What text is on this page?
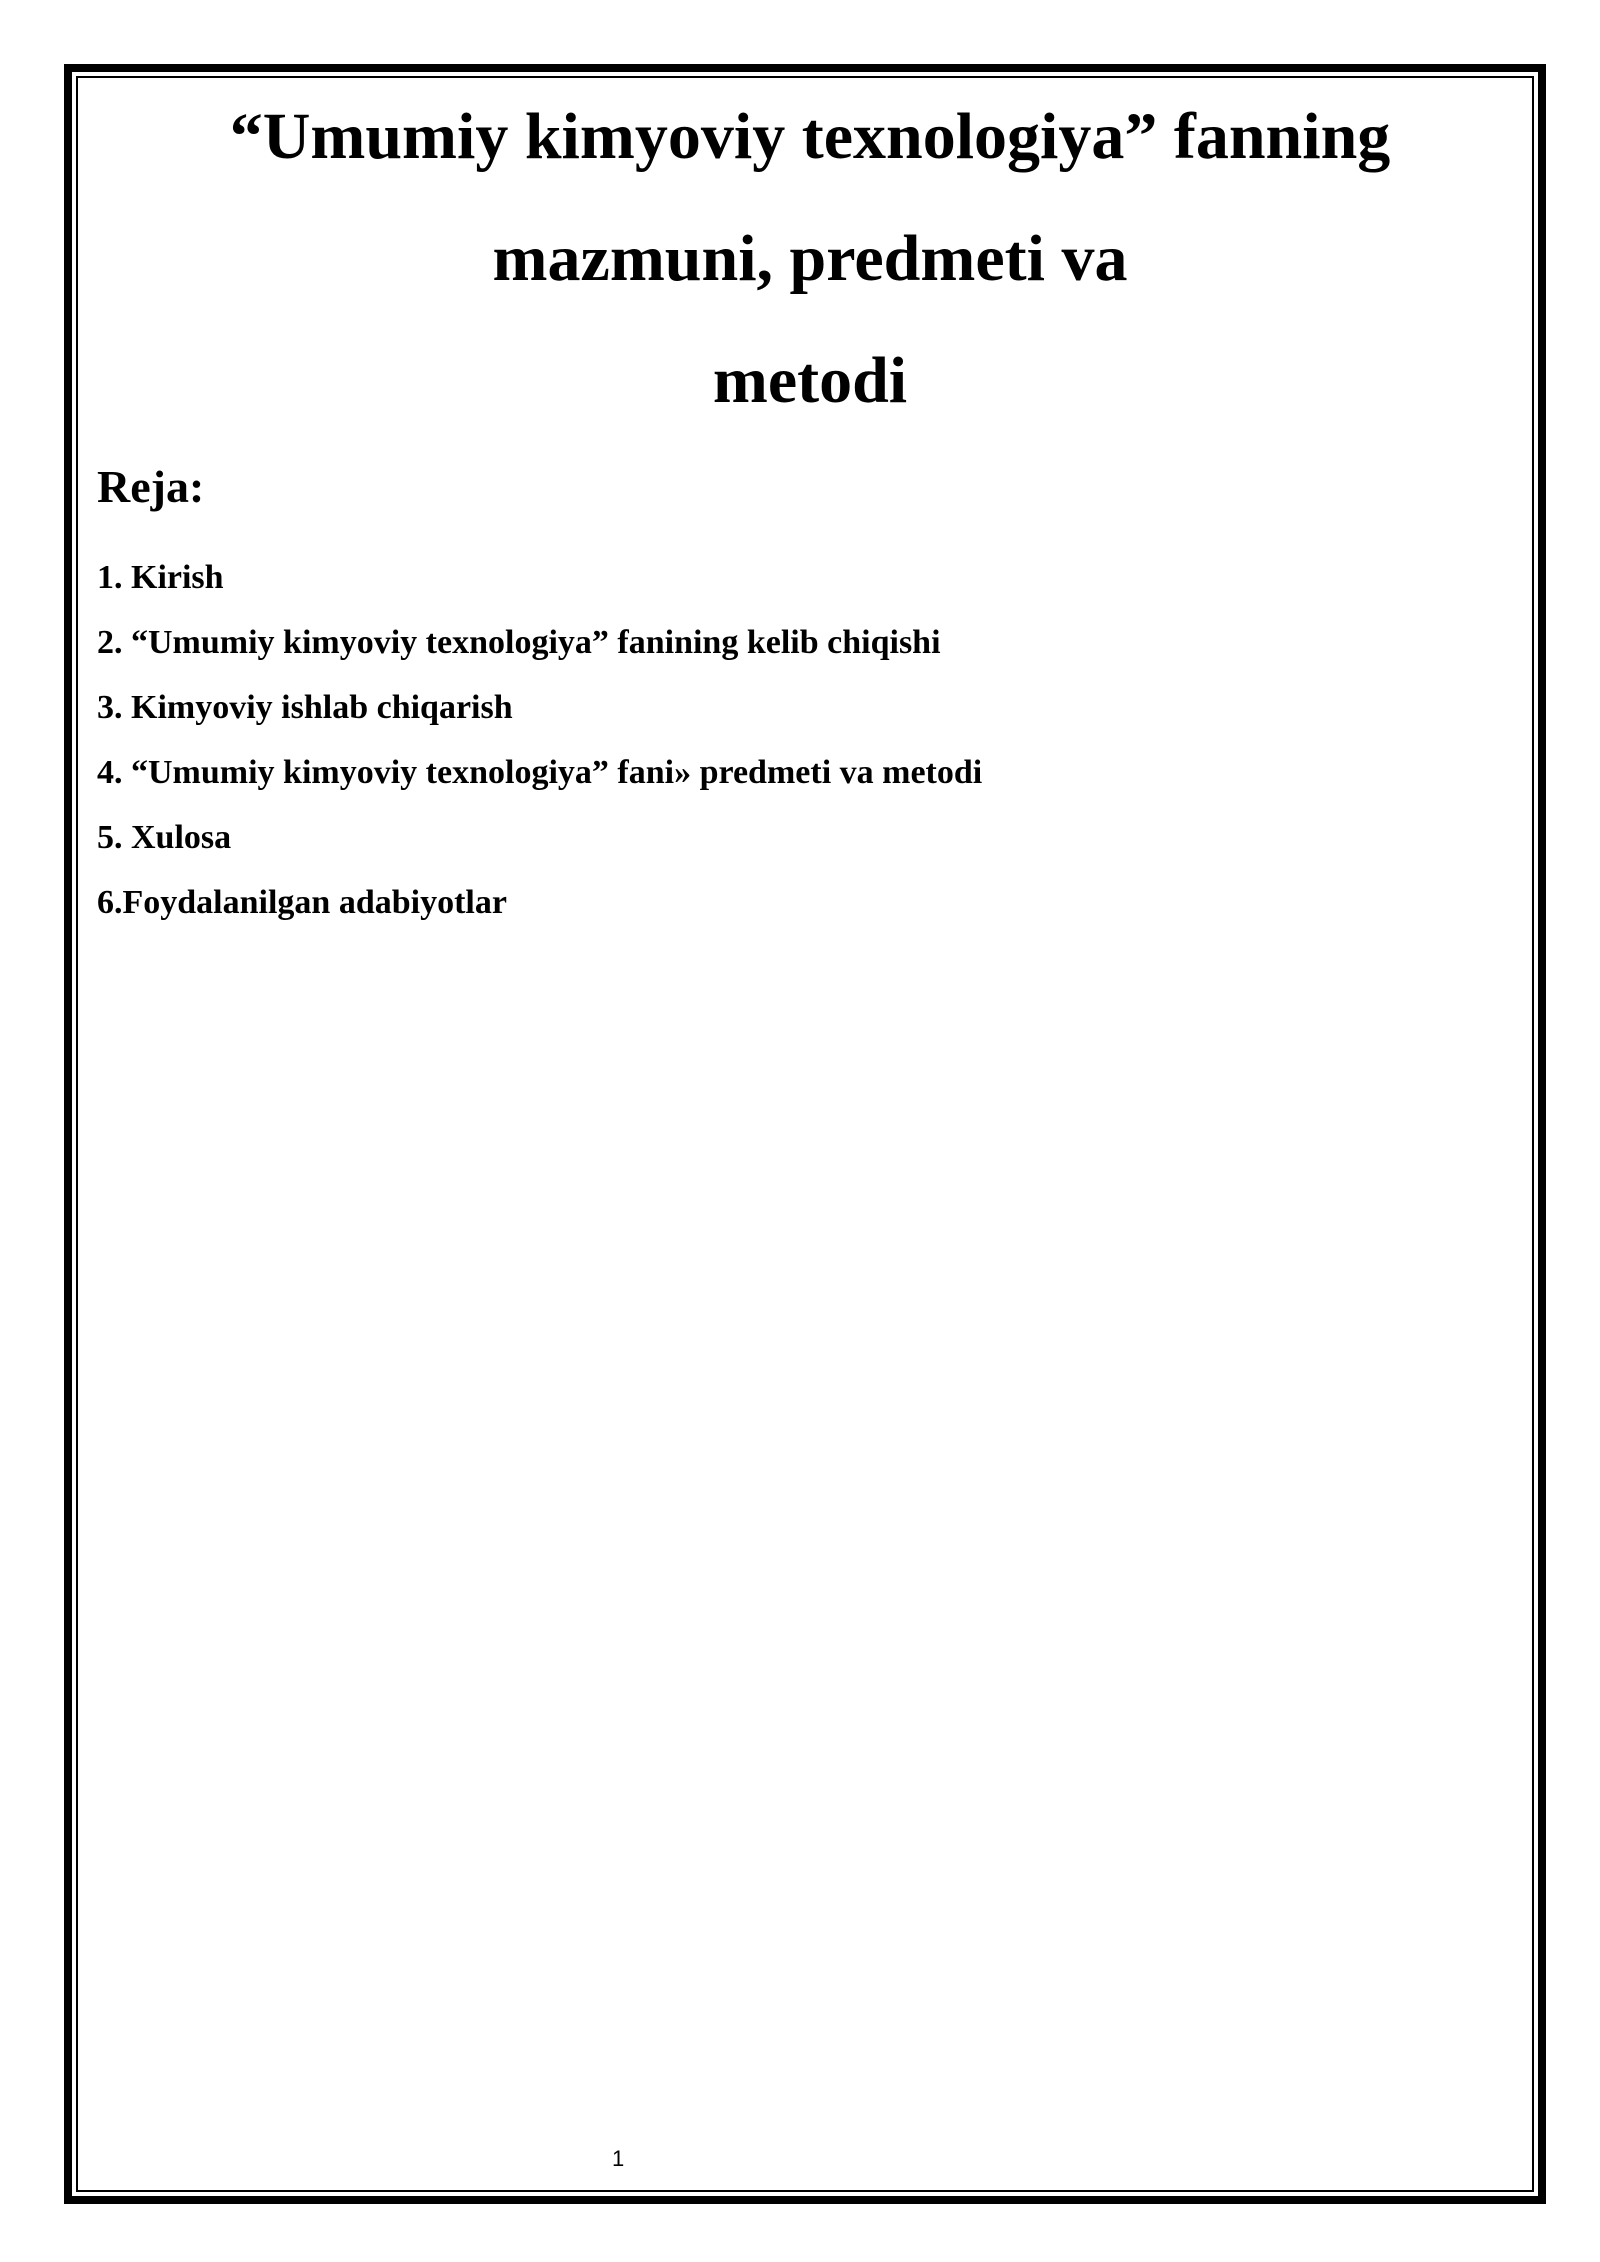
“Umumiy kimyoviy texnologiya” fanning
mazmuni, predmeti va
metodi
Reja:
1. Kirish
2. “Umumiy kimyoviy texnologiya” fanining kelib chiqishi
3. Kimyoviy ishlab chiqarish
4. “Umumiy kimyoviy texnologiya” fani» predmeti va metodi
5. Xulosa
6.Foydalanilgan adabiyotlar
1
